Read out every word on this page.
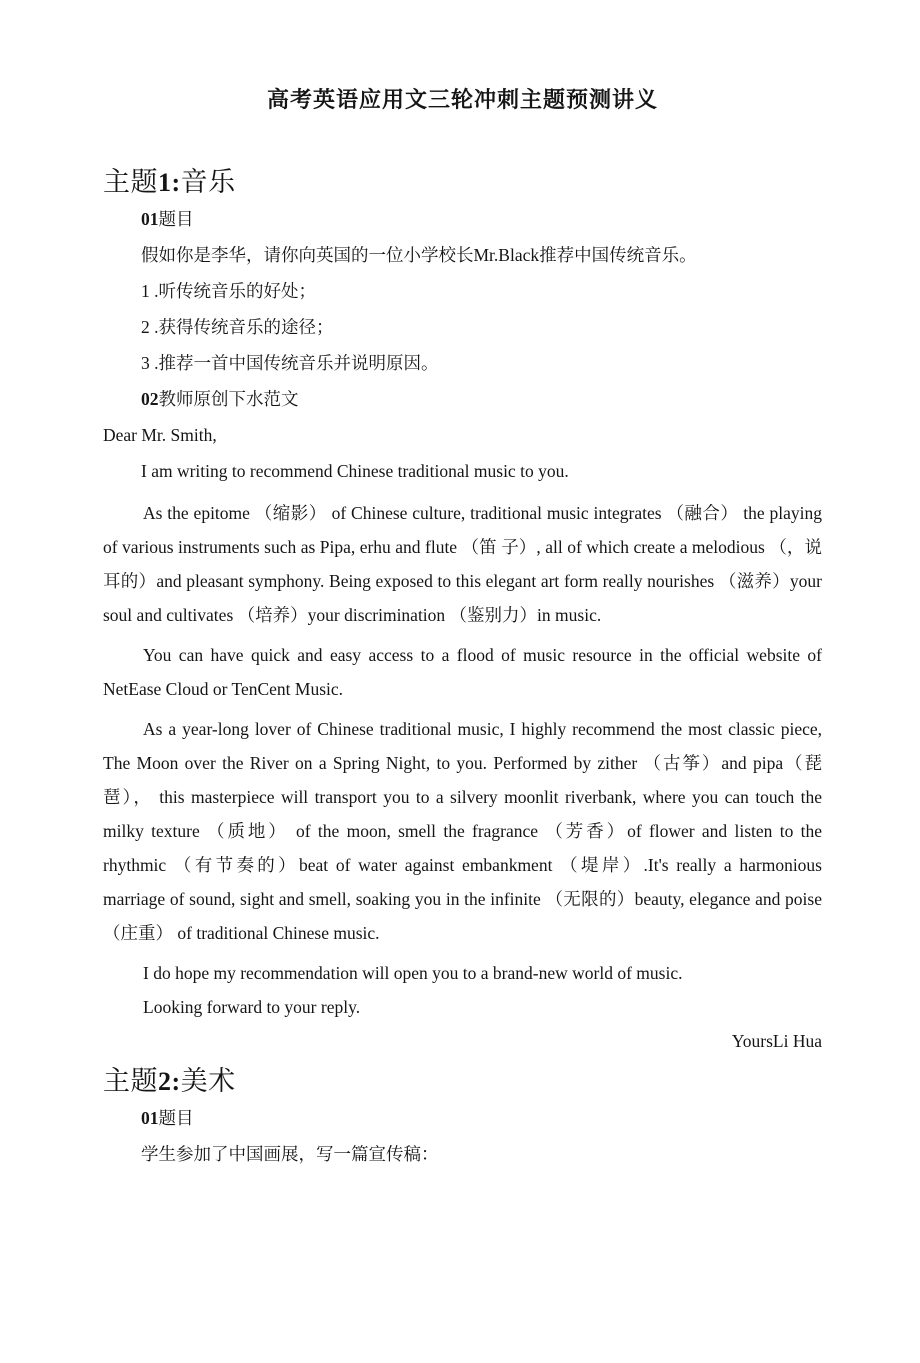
高考英语应用文三轮冲刺主题预测讲义
主题1:音乐

01题目

假如你是李华，请你向英国的一位小学校长Mr.Black推荐中国传统音乐。

1 .听传统音乐的好处；

2 .获得传统音乐的途径；

3 .推荐一首中国传统音乐并说明原因。

02教师原创下水范文

Dear Mr. Smith,

I am writing to recommend Chinese traditional music to you.

As the epitome （缩影） of Chinese culture, traditional music integrates （融合） the playing of various instruments such as Pipa, erhu and flute （笛 子）, all of which create a melodious （，说耳的）and pleasant symphony. Being exposed to this elegant art form really nourishes （滋养）your soul and cultivates （培养）your discrimination （鉴别力）in music.

You can have quick and easy access to a flood of music resource in the official website of NetEase Cloud or TenCent Music.

As a year-long lover of Chinese traditional music, I highly recommend the most classic piece, The Moon over the River on a Spring Night, to you. Performed by zither （古筝）and pipa（琵琶）， this masterpiece will transport you to a silvery moonlit riverbank, where you can touch the milky texture （质地） of the moon, smell the fragrance （芳香）of flower and listen to the rhythmic （有节奏的）beat of water against embankment （堤岸）.It's really a harmonious marriage of sound, sight and smell, soaking you in the infinite （无限的）beauty, elegance and poise （庄重） of traditional Chinese music.

I do hope my recommendation will open you to a brand-new world of music.

Looking forward to your reply.

YoursLi Hua

主题2:美术

01题目

学生参加了中国画展，写一篇宣传稿：
